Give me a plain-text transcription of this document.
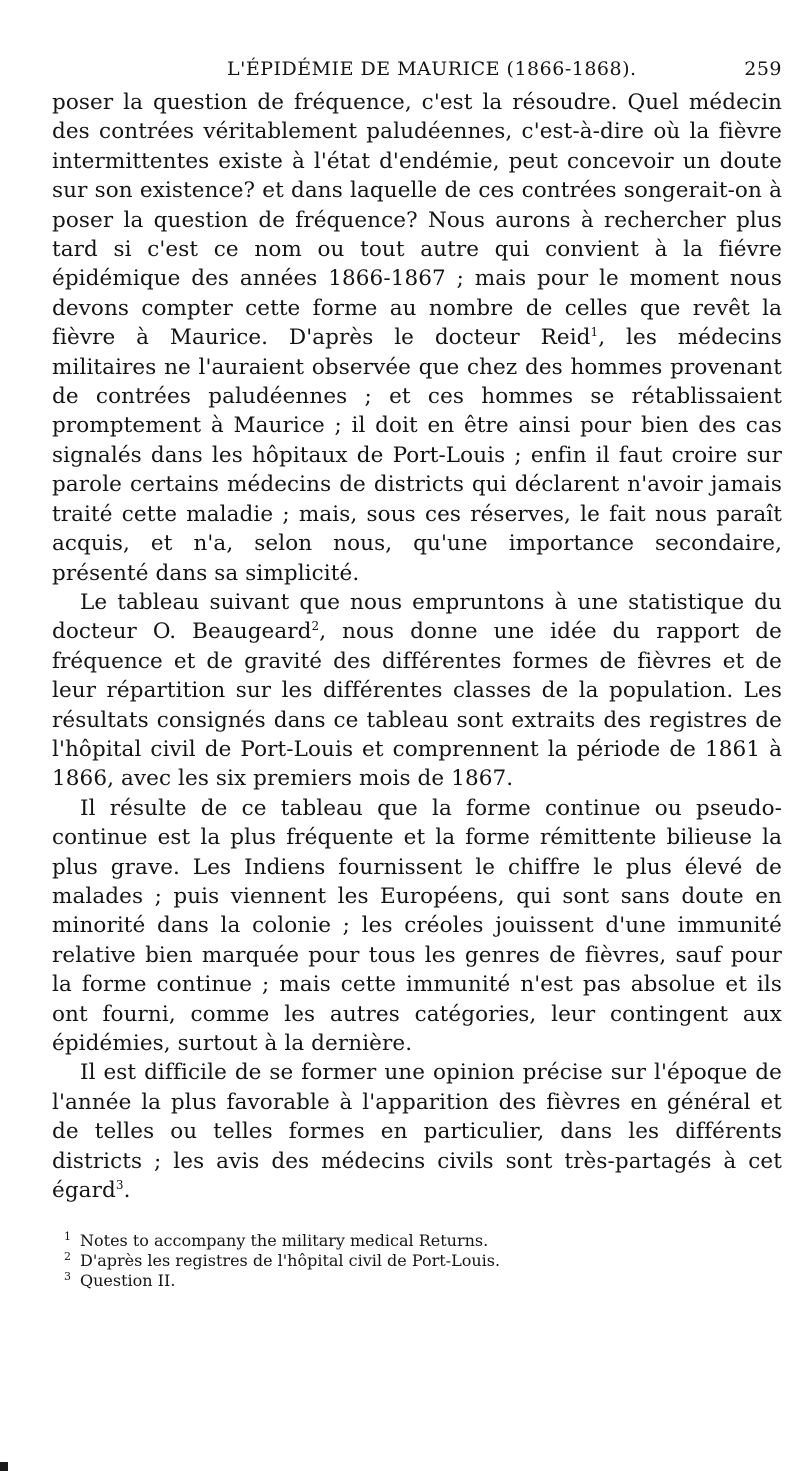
L'ÉPIDÉMIE DE MAURICE (1866-1868).	259

poser la question de fréquence, c'est la résoudre. Quel médecin des contrées véritablement paludéennes, c'est-à-dire où la fièvre intermittentes existe à l'état d'endémie, peut concevoir un doute sur son existence? et dans laquelle de ces contrées songerait-on à poser la question de fréquence? Nous aurons à rechercher plus tard si c'est ce nom ou tout autre qui convient à la fiévre épidémique des années 1866-1867 ; mais pour le moment nous devons compter cette forme au nombre de celles que revêt la fièvre à Maurice. D'après le docteur Reid$^1$, les médecins militaires ne l'auraient observée que chez des hommes provenant de contrées paludéennes ; et ces hommes se rétablissaient promptement à Maurice ; il doit en être ainsi pour bien des cas signalés dans les hôpitaux de Port-Louis ; enfin il faut croire sur parole certains médecins de districts qui déclarent n'avoir jamais traité cette maladie ; mais, sous ces réserves, le fait nous paraît acquis, et n'a, selon nous, qu'une importance secondaire, présenté dans sa simplicité.

Le tableau suivant que nous empruntons à une statistique du docteur O. Beaugeard$^2$, nous donne une idée du rapport de fréquence et de gravité des différentes formes de fièvres et de leur répartition sur les différentes classes de la population. Les résultats consignés dans ce tableau sont extraits des registres de l'hôpital civil de Port-Louis et comprennent la période de 1861 à 1866, avec les six premiers mois de 1867.

Il résulte de ce tableau que la forme continue ou pseudo-continue est la plus fréquente et la forme rémittente bilieuse la plus grave. Les Indiens fournissent le chiffre le plus élevé de malades ; puis viennent les Européens, qui sont sans doute en minorité dans la colonie ; les créoles jouissent d'une immunité relative bien marquée pour tous les genres de fièvres, sauf pour la forme continue ; mais cette immunité n'est pas absolue et ils ont fourni, comme les autres catégories, leur contingent aux épidémies, surtout à la dernière.

Il est difficile de se former une opinion précise sur l'époque de l'année la plus favorable à l'apparition des fièvres en général et de telles ou telles formes en particulier, dans les différents districts ; les avis des médecins civils sont très-partagés à cet égard$^3$.

1 Notes to accompany the military medical Returns.

2 D'après les registres de l'hôpital civil de Port-Louis.

3 Question II.
